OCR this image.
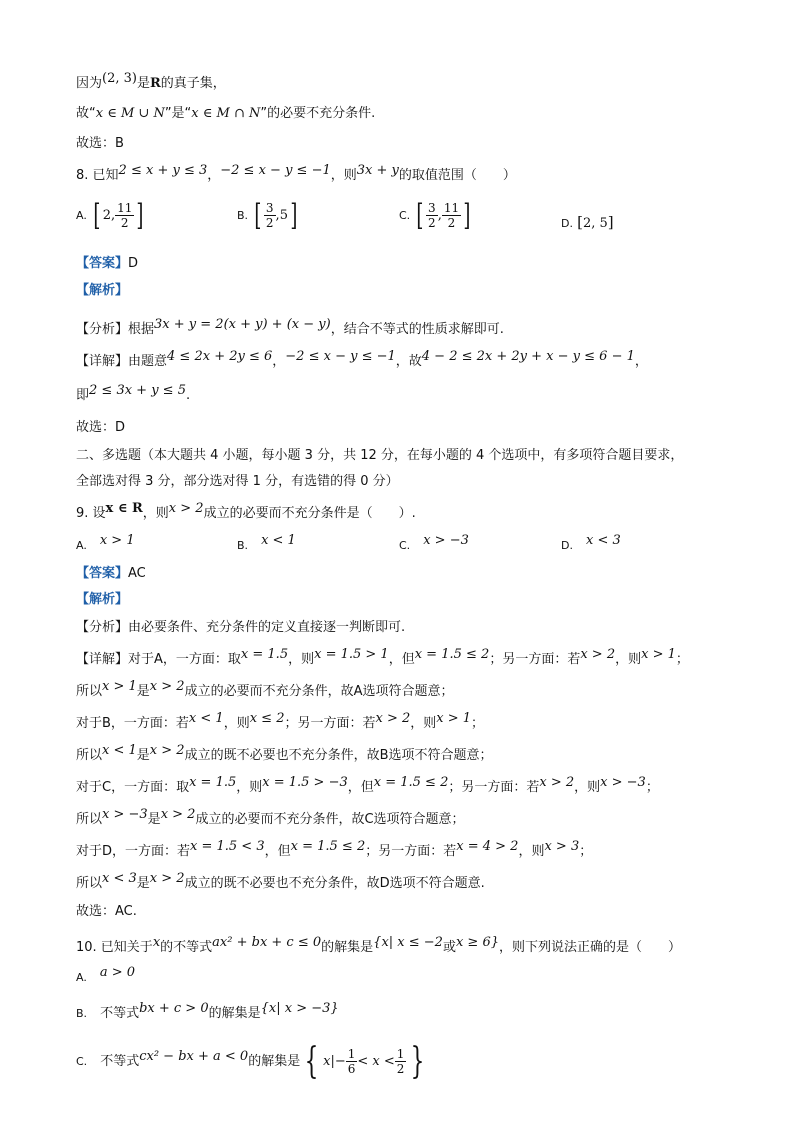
因为(2, 3)是R的真子集，
故“x ∈ M ∪ N”是“x ∈ M ∩ N”的必要不充分条件.
故选：B
8. 已知2 ≤ x + y ≤ 3，−2 ≤ x − y ≤ −1，则3x + y的取值范围（　　）
A. [ 2, $\frac{11}{2}$ ]	B. [ $\frac{3}{2} ,5$]	C. [ $\frac{3}{2}$ , $\frac{11}{2}$ ]	D. [2, 5]
【答案】D
【解析】
【分析】根据3x + y = 2(x + y) + (x − y)，结合不等式的性质求解即可.
【详解】由题意4 ≤ 2x + 2y ≤ 6，−2 ≤ x − y ≤ −1，故4 − 2 ≤ 2x + 2y + x − y ≤ 6 − 1，
即2 ≤ 3x + y ≤ 5.
故选：D
二、多选题（本大题共 4 小题，每小题 3 分，共 12 分，在每小题的 4 个选项中，有多项符合题目要求，
全部选对得 3 分，部分选对得 1 分，有选错的得 0 分）
9. 设x ∈ R，则x > 2成立的必要而不充分条件是（　　）.
A.　 x > 1	B.　 x < 1	C.　 x > −3	D.　 x < 3
【答案】AC
【解析】
【分析】由必要条件、充分条件的定义直接逐一判断即可.
【详解】对于A，一方面：取x = 1.5，则x = 1.5 > 1，但x = 1.5 ≤ 2；另一方面：若x > 2，则x > 1；
所以x > 1是x > 2成立的必要而不充分条件，故A选项符合题意；
对于B，一方面：若x < 1，则x ≤ 2；另一方面：若x > 2，则x > 1；
所以x < 1是x > 2成立的既不必要也不充分条件，故B选项不符合题意；
对于C，一方面：取x = 1.5，则x = 1.5 > −3，但x = 1.5 ≤ 2；另一方面：若x > 2，则x > −3；
所以x > −3是x > 2成立的必要而不充分条件，故C选项符合题意；
对于D，一方面：若x = 1.5 < 3，但x = 1.5 ≤ 2；另一方面：若x = 4 > 2，则x > 3；
所以x < 3是x > 2成立的既不必要也不充分条件，故D选项不符合题意.
故选：AC.
10. 已知关于x的不等式ax² + bx + c ≤ 0的解集是{x| x ≤ −2或x ≥ 6}，则下列说法正确的是（　　）
A.　 a > 0
B.　 不等式bx + c > 0的解集是{x| x > −3}
C.　 不等式cx² − bx + a < 0的解集是 { $x|- \frac{1}{6} < x < \frac{1}{2}$ }
